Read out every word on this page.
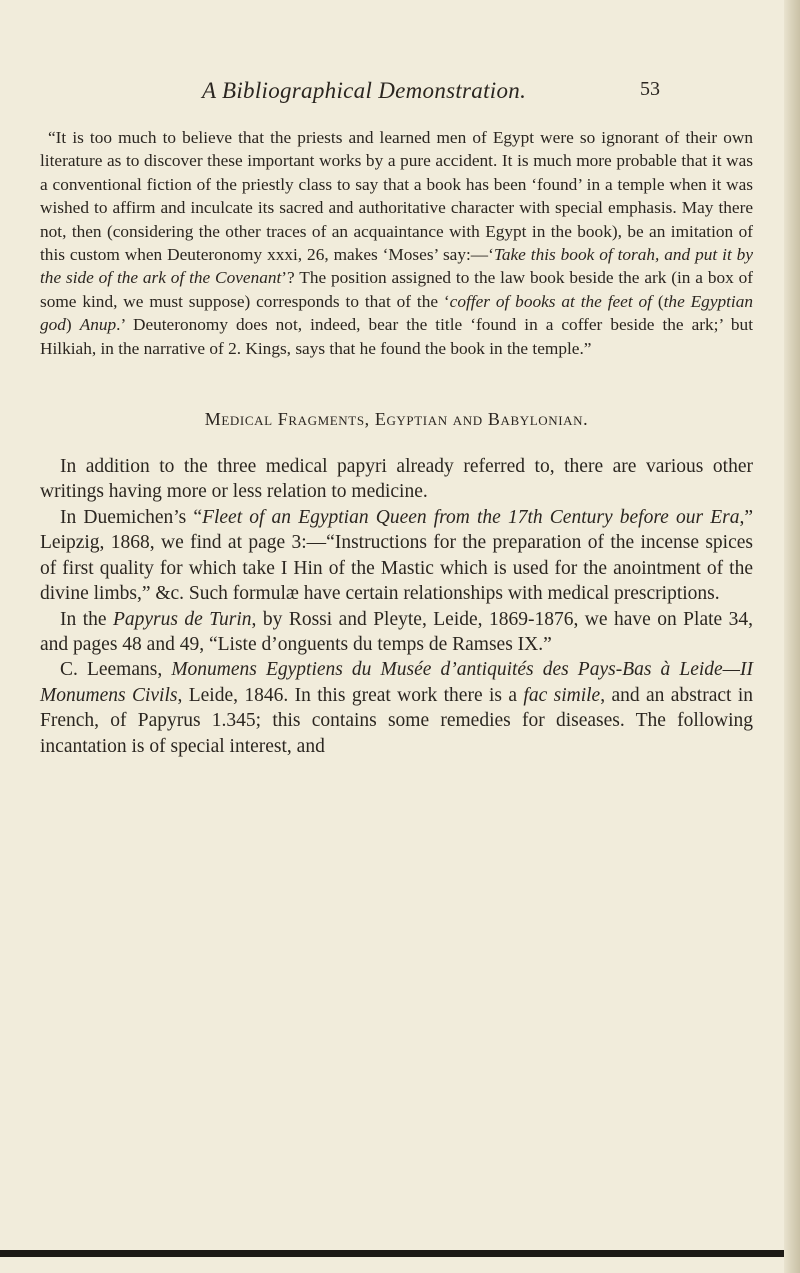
A Bibliographical Demonstration.	53

“It is too much to believe that the priests and learned men of Egypt were so ignorant of their own literature as to discover these important works by a pure accident. It is much more probable that it was a conventional fiction of the priestly class to say that a book has been ‘found’ in a temple when it was wished to affirm and inculcate its sacred and authoritative character with special emphasis. May there not, then (considering the other traces of an acquaintance with Egypt in the book), be an imitation of this custom when Deuteronomy xxxi, 26, makes ‘Moses’ say:—‘Take this book of torah, and put it by the side of the ark of the Covenant’? The position assigned to the law book beside the ark (in a box of some kind, we must suppose) corresponds to that of the ‘coffer of books at the feet of (the Egyptian god) Anup.’ Deuteronomy does not, indeed, bear the title ‘found in a coffer beside the ark;’ but Hilkiah, in the narrative of 2. Kings, says that he found the book in the temple.”

Medical Fragments, Egyptian and Babylonian.

In addition to the three medical papyri already referred to, there are various other writings having more or less relation to medicine.

In Duemichen’s “Fleet of an Egyptian Queen from the 17th Century before our Era,” Leipzig, 1868, we find at page 3:—“Instructions for the preparation of the incense spices of first quality for which take I Hin of the Mastic which is used for the anointment of the divine limbs,” &c. Such formulæ have certain relationships with medical prescriptions.

In the Papyrus de Turin, by Rossi and Pleyte, Leide, 1869-1876, we have on Plate 34, and pages 48 and 49, “Liste d’onguents du temps de Ramses IX.”

C. Leemans, Monumens Egyptiens du Musée d’antiquités des Pays-Bas à Leide—II Monumens Civils, Leide, 1846. In this great work there is a fac simile, and an abstract in French, of Papyrus 1.345; this contains some remedies for diseases. The following incantation is of special interest, and
